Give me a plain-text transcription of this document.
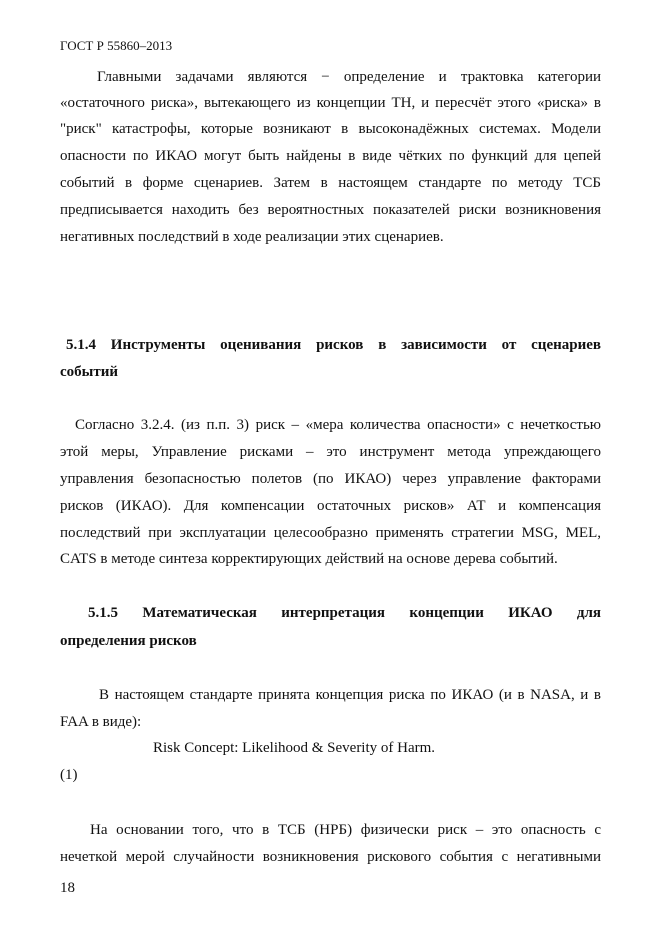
ГОСТ Р 55860–2013
Главными задачами являются − определение и трактовка категории
«остаточного риска», вытекающего из концепции ТН, и пересчёт этого «риска» в
"риск" катастрофы, которые возникают в высоконадёжных системах. Модели
опасности по ИКАО могут быть найдены в виде чётких по функций для цепей
событий в форме сценариев. Затем в настоящем стандарте по методу ТСБ
предписывается находить без вероятностных показателей риски возникновения
негативных последствий в ходе реализации этих сценариев.
5.1.4 Инструменты оценивания рисков в зависимости от сценариев
событий
Согласно 3.2.4. (из п.п. 3) риск – «мера количества опасности» с нечеткостью
этой меры, Управление рисками – это инструмент метода упреждающего
управления безопасностью полетов (по ИКАО) через управление факторами
рисков (ИКАО). Для компенсации остаточных рисков» АТ и компенсация
последствий при эксплуатации целесообразно применять стратегии MSG, MEL,
CATS в методе синтеза корректирующих действий на основе дерева событий.
5.1.5 Математическая интерпретация концепции ИКАО для
определения рисков
В настоящем стандарте принята концепция риска по ИКАО (и в NASA, и в
FAA в виде):
Risk Concept: Likelihood & Severity of Harm.
(1)
На основании того, что в ТСБ (НРБ) физически риск – это опасность с
нечеткой мерой случайности возникновения рискового события с негативными
18
